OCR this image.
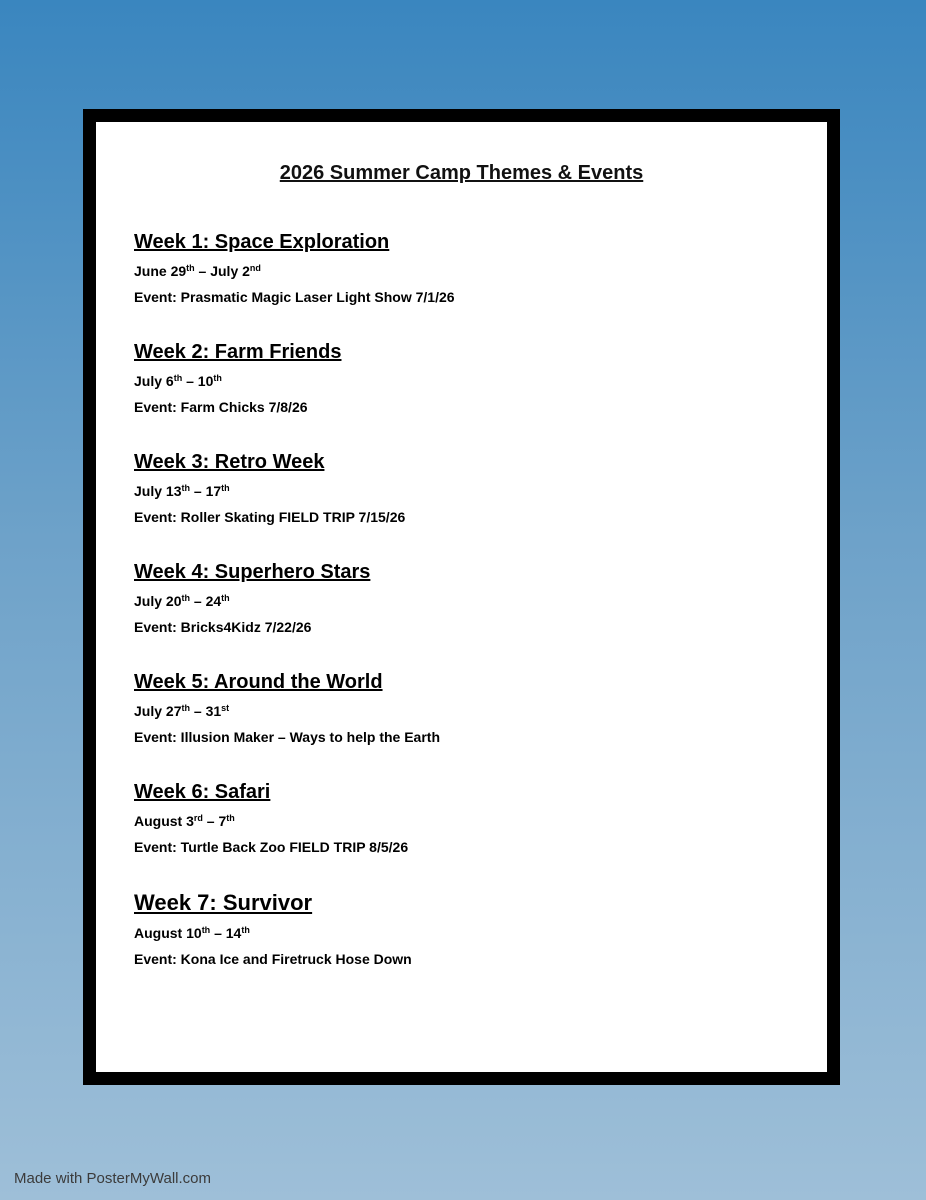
2026 Summer Camp Themes & Events
Week 1: Space Exploration
June 29th – July 2nd
Event: Prasmatic Magic Laser Light Show 7/1/26
Week 2: Farm Friends
July 6th – 10th
Event: Farm Chicks 7/8/26
Week 3: Retro Week
July 13th – 17th
Event: Roller Skating FIELD TRIP 7/15/26
Week 4: Superhero Stars
July 20th – 24th
Event: Bricks4Kidz 7/22/26
Week 5: Around the World
July 27th – 31st
Event: Illusion Maker – Ways to help the Earth
Week 6: Safari
August 3rd – 7th
Event: Turtle Back Zoo FIELD TRIP 8/5/26
Week 7: Survivor
August 10th – 14th
Event: Kona Ice and Firetruck Hose Down
Made with PosterMyWall.com
